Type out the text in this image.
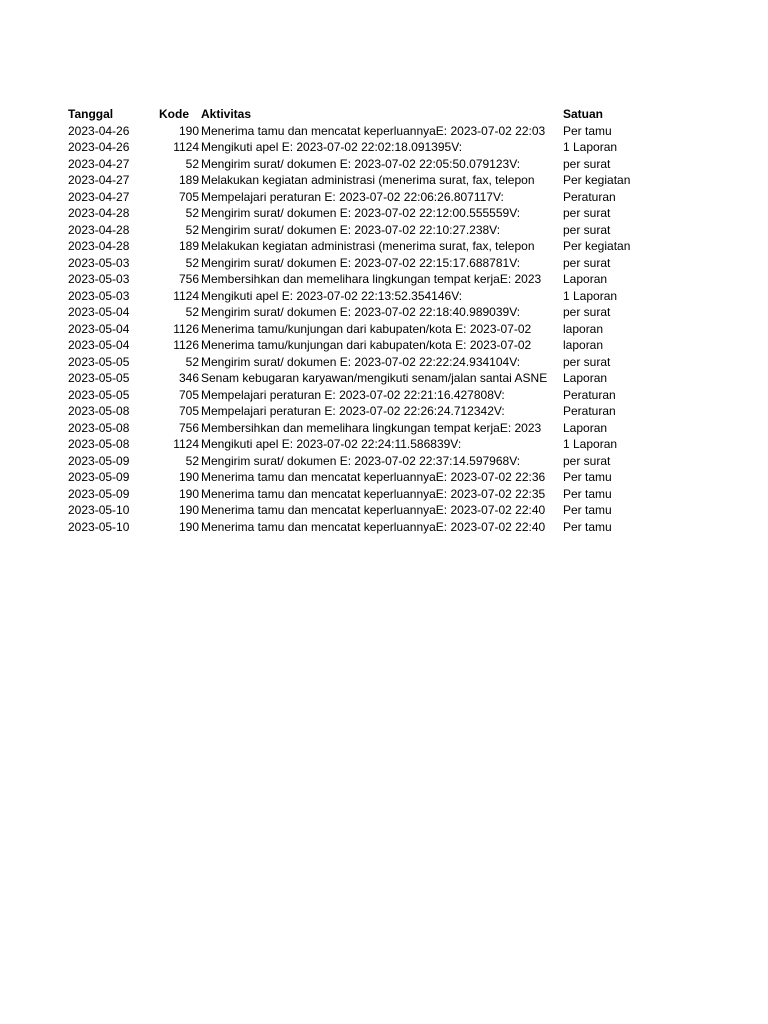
Tanggal	Kode	Aktivitas	Satuan
2023-04-26	190 Menerima tamu dan mencatat keperluannyaE: 2023-07-02 22:03	Per tamu
2023-04-26	1124 Mengikuti apel E: 2023-07-02 22:02:18.091395V:	1 Laporan
2023-04-27	52 Mengirim surat/ dokumen E: 2023-07-02 22:05:50.079123V:	per surat
2023-04-27	189 Melakukan kegiatan administrasi (menerima surat, fax, telepon	Per kegiatan
2023-04-27	705 Mempelajari peraturan E: 2023-07-02 22:06:26.807117V:	Peraturan
2023-04-28	52 Mengirim surat/ dokumen E: 2023-07-02 22:12:00.555559V:	per surat
2023-04-28	52 Mengirim surat/ dokumen E: 2023-07-02 22:10:27.238V:	per surat
2023-04-28	189 Melakukan kegiatan administrasi (menerima surat, fax, telepon	Per kegiatan
2023-05-03	52 Mengirim surat/ dokumen E: 2023-07-02 22:15:17.688781V:	per surat
2023-05-03	756 Membersihkan dan memelihara lingkungan tempat kerjaE: 2023	Laporan
2023-05-03	1124 Mengikuti apel E: 2023-07-02 22:13:52.354146V:	1 Laporan
2023-05-04	52 Mengirim surat/ dokumen E: 2023-07-02 22:18:40.989039V:	per surat
2023-05-04	1126 Menerima tamu/kunjungan dari kabupaten/kota E: 2023-07-02	laporan
2023-05-04	1126 Menerima tamu/kunjungan dari kabupaten/kota E: 2023-07-02	laporan
2023-05-05	52 Mengirim surat/ dokumen E: 2023-07-02 22:22:24.934104V:	per surat
2023-05-05	346 Senam kebugaran karyawan/mengikuti senam/jalan santai ASNE	Laporan
2023-05-05	705 Mempelajari peraturan E: 2023-07-02 22:21:16.427808V:	Peraturan
2023-05-08	705 Mempelajari peraturan E: 2023-07-02 22:26:24.712342V:	Peraturan
2023-05-08	756 Membersihkan dan memelihara lingkungan tempat kerjaE: 2023	Laporan
2023-05-08	1124 Mengikuti apel E: 2023-07-02 22:24:11.586839V:	1 Laporan
2023-05-09	52 Mengirim surat/ dokumen E: 2023-07-02 22:37:14.597968V:	per surat
2023-05-09	190 Menerima tamu dan mencatat keperluannyaE: 2023-07-02 22:36	Per tamu
2023-05-09	190 Menerima tamu dan mencatat keperluannyaE: 2023-07-02 22:35	Per tamu
2023-05-10	190 Menerima tamu dan mencatat keperluannyaE: 2023-07-02 22:40	Per tamu
2023-05-10	190 Menerima tamu dan mencatat keperluannyaE: 2023-07-02 22:40	Per tamu
